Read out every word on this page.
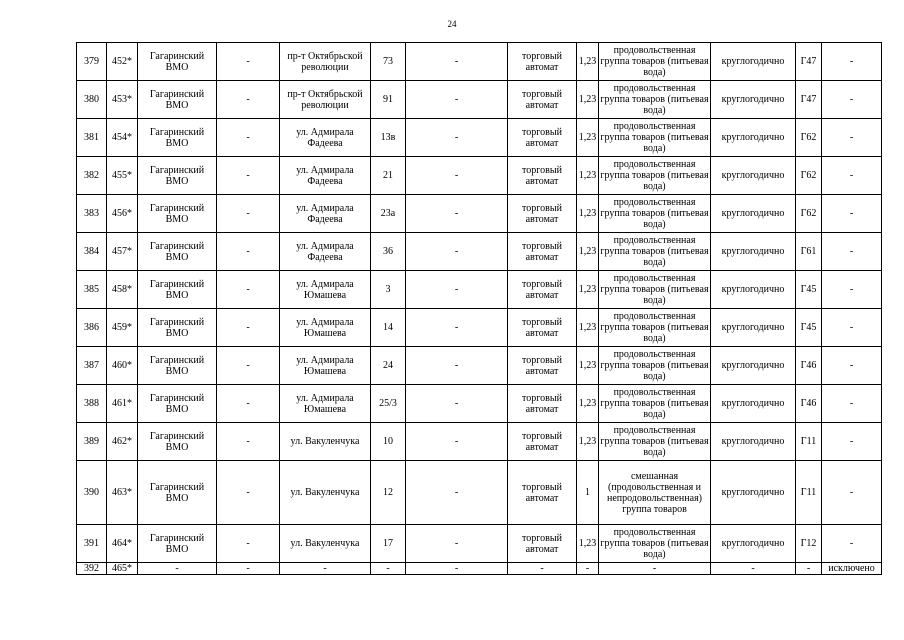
24
379	452*	Гагаринский ВМО	-	пр-т Октябрьской революции	73	-	торговый автомат	1,23	продовольственная группа товаров (питьевая вода)	круглогодично	Г47	-
380	453*	Гагаринский ВМО	-	пр-т Октябрьской революции	91	-	торговый автомат	1,23	продовольственная группа товаров (питьевая вода)	круглогодично	Г47	-
381	454*	Гагаринский ВМО	-	ул. Адмирала Фадеева	13в	-	торговый автомат	1,23	продовольственная группа товаров (питьевая вода)	круглогодично	Г62	-
382	455*	Гагаринский ВМО	-	ул. Адмирала Фадеева	21	-	торговый автомат	1,23	продовольственная группа товаров (питьевая вода)	круглогодично	Г62	-
383	456*	Гагаринский ВМО	-	ул. Адмирала Фадеева	23а	-	торговый автомат	1,23	продовольственная группа товаров (питьевая вода)	круглогодично	Г62	-
384	457*	Гагаринский ВМО	-	ул. Адмирала Фадеева	36	-	торговый автомат	1,23	продовольственная группа товаров (питьевая вода)	круглогодично	Г61	-
385	458*	Гагаринский ВМО	-	ул. Адмирала Юмашева	3	-	торговый автомат	1,23	продовольственная группа товаров (питьевая вода)	круглогодично	Г45	-
386	459*	Гагаринский ВМО	-	ул. Адмирала Юмашева	14	-	торговый автомат	1,23	продовольственная группа товаров (питьевая вода)	круглогодично	Г45	-
387	460*	Гагаринский ВМО	-	ул. Адмирала Юмашева	24	-	торговый автомат	1,23	продовольственная группа товаров (питьевая вода)	круглогодично	Г46	-
388	461*	Гагаринский ВМО	-	ул. Адмирала Юмашева	25/3	-	торговый автомат	1,23	продовольственная группа товаров (питьевая вода)	круглогодично	Г46	-
389	462*	Гагаринский ВМО	-	ул. Вакуленчука	10	-	торговый автомат	1,23	продовольственная группа товаров (питьевая вода)	круглогодично	Г11	-
390	463*	Гагаринский ВМО	-	ул. Вакуленчука	12	-	торговый автомат	1	смешанная (продовольственная и непродовольственная) группа товаров	круглогодично	Г11	-
391	464*	Гагаринский ВМО	-	ул. Вакуленчука	17	-	торговый автомат	1,23	продовольственная группа товаров (питьевая вода)	круглогодично	Г12	-
392	465*	-	-	-	-	-	-	-	-	-	-	исключено
